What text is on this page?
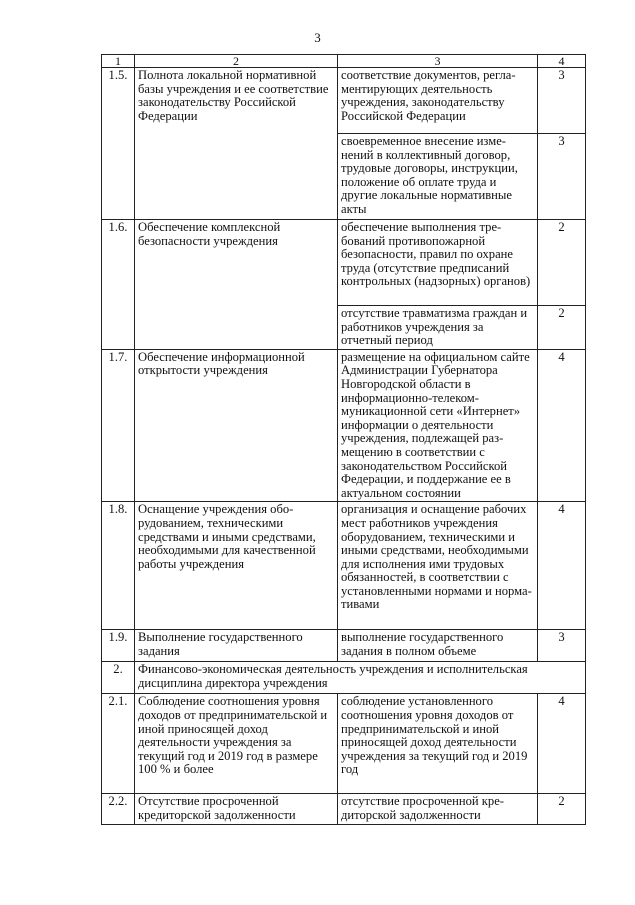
3
1	2	3	4
1.5.	Полнота локальной нормативной базы учреждения и ее соответствие законодательству Российской Федерации	соответствие документов, регламентирующих деятельность учреждения, законодательству Российской Федерации	3
		своевременное внесение изменений в коллективный договор, трудовые договоры, инструкции, положение об оплате труда и другие локальные нормативные акты	3
1.6.	Обеспечение комплексной безопасности учреждения	обеспечение выполнения требований противопожарной безопасности, правил по охране труда (отсутствие предписаний контрольных (надзорных) органов)	2
		отсутствие травматизма граждан и работников учреждения за отчетный период	2
1.7.	Обеспечение информационной открытости учреждения	размещение на официальном сайте Администрации Губернатора Новгородской области в информационно-телекоммуникационной сети «Интернет» информации о деятельности учреждения, подлежащей размещению в соответствии с законодательством Российской Федерации, и поддержание ее в актуальном состоянии	4
1.8.	Оснащение учреждения оборудованием, техническими средствами и иными средствами, необходимыми для качественной работы учреждения	организация и оснащение рабочих мест работников учреждения оборудованием, техническими и иными средствами, необходимыми для исполнения ими трудовых обязанностей, в соответствии с установленными нормами и нормативами	4
1.9.	Выполнение государственного задания	выполнение государственного задания в полном объеме	3
2.	Финансово-экономическая деятельность учреждения и исполнительская дисциплина директора учреждения		
2.1.	Соблюдение соотношения уровня доходов от предпринимательской и иной приносящей доход деятельности учреждения за текущий год и 2019 год в размере 100 % и более	соблюдение установленного соотношения уровня доходов от предпринимательской и иной приносящей доход деятельности учреждения за текущий год и 2019 год	4
2.2.	Отсутствие просроченной кредиторской задолженности	отсутствие просроченной кредиторской задолженности	2
